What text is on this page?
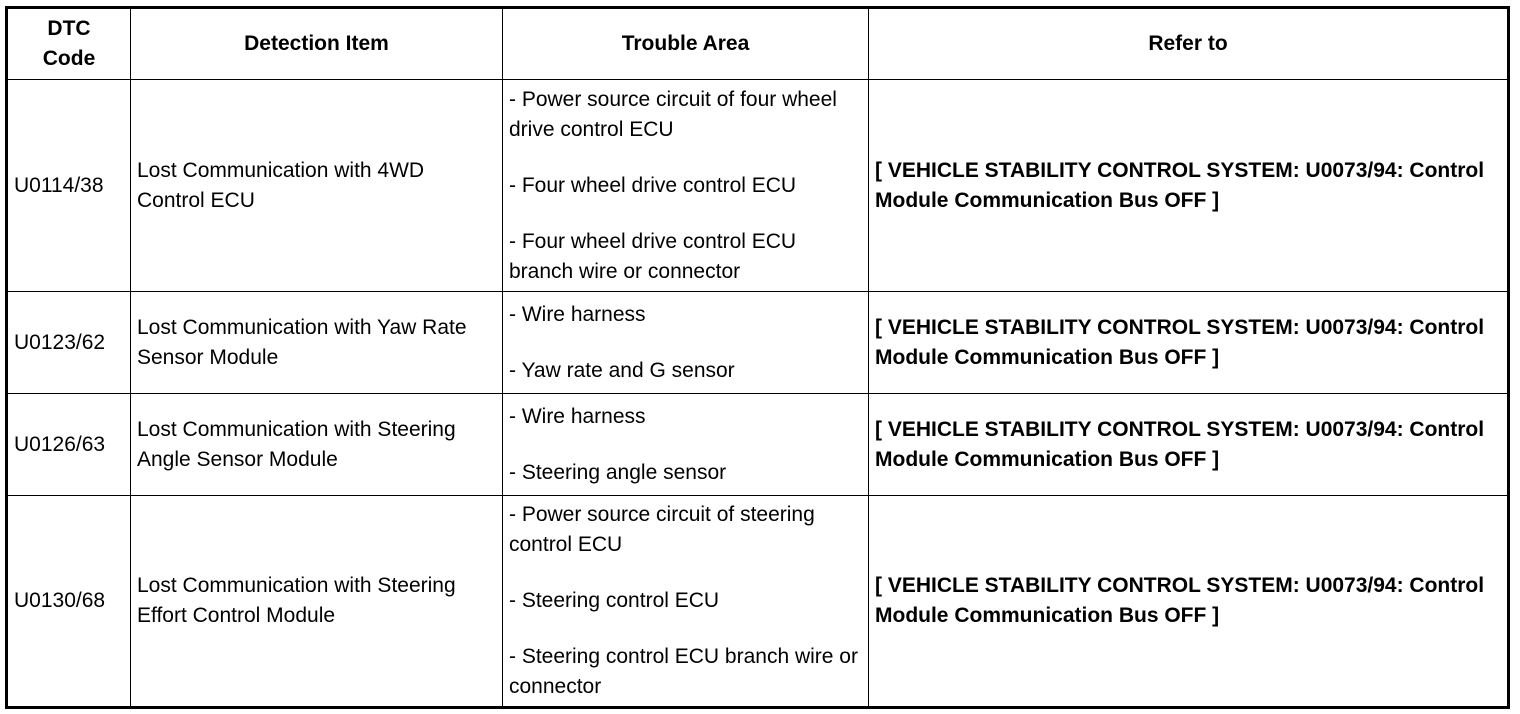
DTC
Code	Detection Item	Trouble Area	Refer to
U0114/38	Lost Communication with 4WD Control ECU	- Power source circuit of four wheel drive control ECU
- Four wheel drive control ECU
- Four wheel drive control ECU branch wire or connector	[ VEHICLE STABILITY CONTROL SYSTEM: U0073/94: Control Module Communication Bus OFF ]
U0123/62	Lost Communication with Yaw Rate Sensor Module	- Wire harness
- Yaw rate and G sensor	[ VEHICLE STABILITY CONTROL SYSTEM: U0073/94: Control Module Communication Bus OFF ]
U0126/63	Lost Communication with Steering Angle Sensor Module	- Wire harness
- Steering angle sensor	[ VEHICLE STABILITY CONTROL SYSTEM: U0073/94: Control Module Communication Bus OFF ]
U0130/68	Lost Communication with Steering Effort Control Module	- Power source circuit of steering control ECU
- Steering control ECU
- Steering control ECU branch wire or connector	[ VEHICLE STABILITY CONTROL SYSTEM: U0073/94: Control Module Communication Bus OFF ]
